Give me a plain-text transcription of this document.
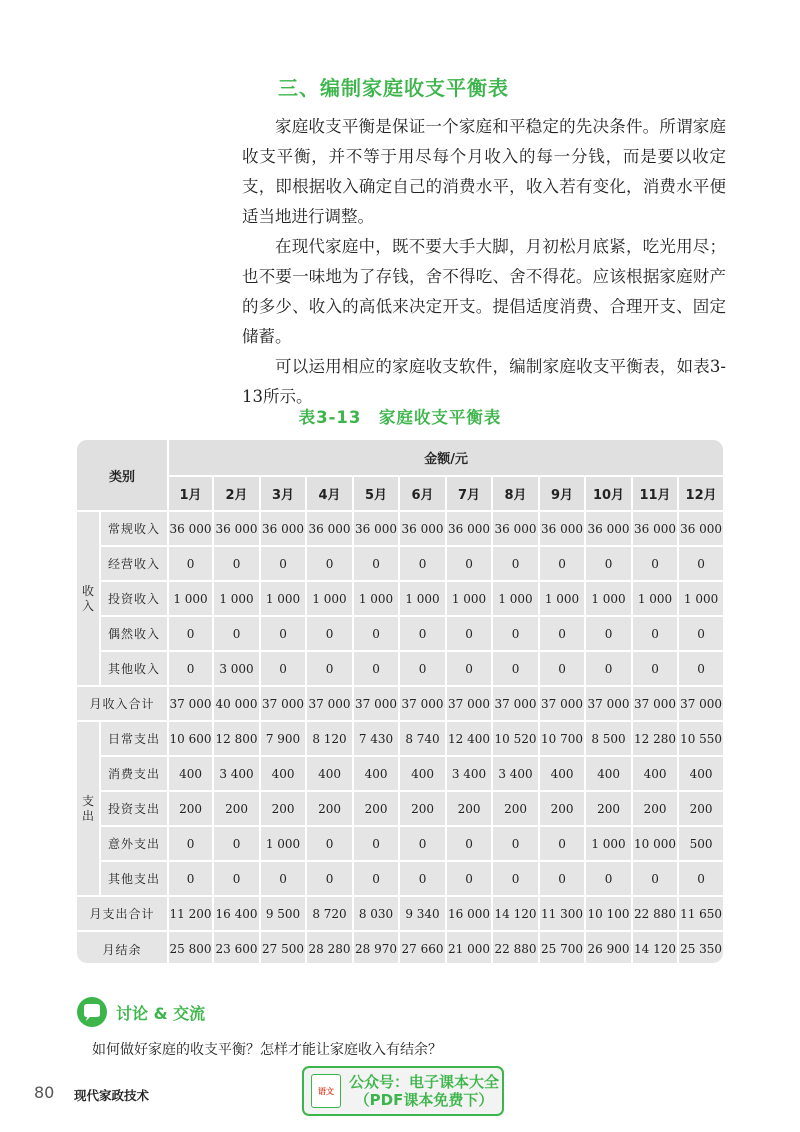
三、编制家庭收支平衡表

家庭收支平衡是保证一个家庭和平稳定的先决条件。所谓家庭收支平衡，并不等于用尽每个月收入的每一分钱，而是要以收定支，即根据收入确定自己的消费水平，收入若有变化，消费水平便适当地进行调整。

在现代家庭中，既不要大手大脚，月初松月底紧，吃光用尽；也不要一味地为了存钱，舍不得吃、舍不得花。应该根据家庭财产的多少、收入的高低来决定开支。提倡适度消费、合理开支、固定储蓄。

可以运用相应的家庭收支软件，编制家庭收支平衡表，如表3-13所示。

表3-13　家庭收支平衡表
类别		金额/元											
		1月	2月	3月	4月	5月	6月	7月	8月	9月	10月	11月	12月
收
入	常规收入	36 000	36 000	36 000	36 000	36 000	36 000	36 000	36 000	36 000	36 000	36 000	36 000
	经营收入	0	0	0	0	0	0	0	0	0	0	0	0
	投资收入	1 000	1 000	1 000	1 000	1 000	1 000	1 000	1 000	1 000	1 000	1 000	1 000
	偶然收入	0	0	0	0	0	0	0	0	0	0	0	0
	其他收入	0	3 000	0	0	0	0	0	0	0	0	0	0
月收入合计		37 000	40 000	37 000	37 000	37 000	37 000	37 000	37 000	37 000	37 000	37 000	37 000
支
出	日常支出	10 600	12 800	7 900	8 120	7 430	8 740	12 400	10 520	10 700	8 500	12 280	10 550
	消费支出	400	3 400	400	400	400	400	3 400	3 400	400	400	400	400
	投资支出	200	200	200	200	200	200	200	200	200	200	200	200
	意外支出	0	0	1 000	0	0	0	0	0	0	1 000	10 000	500
	其他支出	0	0	0	0	0	0	0	0	0	0	0	0
月支出合计		11 200	16 400	9 500	8 720	8 030	9 340	16 000	14 120	11 300	10 100	22 880	11 650
月结余		25 800	23 600	27 500	28 280	28 970	27 660	21 000	22 880	25 700	26 900	14 120	25 350
讨论 & 交流
如何做好家庭的收支平衡？怎样才能让家庭收入有结余？
80 现代家政技术	语文 公众号：电子课本大全
（PDF课本免费下）
